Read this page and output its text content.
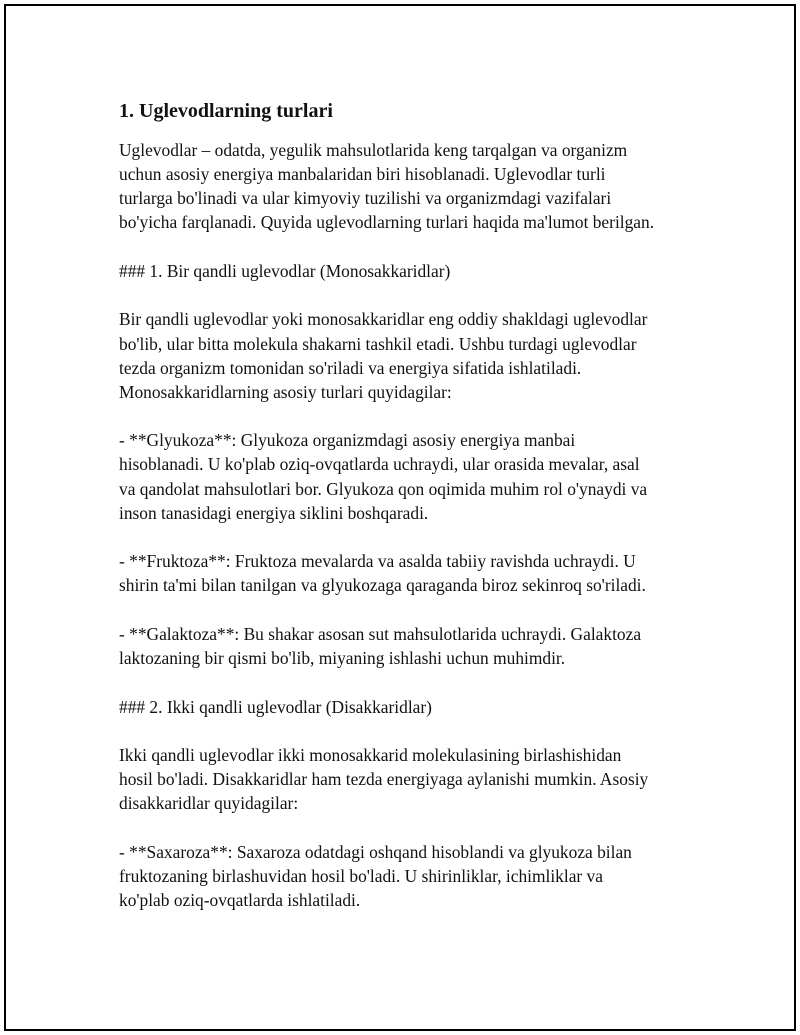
1. Uglevodlarning turlari

Uglevodlar – odatda, yegulik mahsulotlarida keng tarqalgan va organizm
uchun asosiy energiya manbalaridan biri hisoblanadi. Uglevodlar turli
turlarga bo'linadi va ular kimyoviy tuzilishi va organizmdagi vazifalari
bo'yicha farqlanadi. Quyida uglevodlarning turlari haqida ma'lumot berilgan.

### 1. Bir qandli uglevodlar (Monosakkaridlar)

Bir qandli uglevodlar yoki monosakkaridlar eng oddiy shakldagi uglevodlar
bo'lib, ular bitta molekula shakarni tashkil etadi. Ushbu turdagi uglevodlar
tezda organizm tomonidan so'riladi va energiya sifatida ishlatiladi.
Monosakkaridlarning asosiy turlari quyidagilar:

- **Glyukoza**: Glyukoza organizmdagi asosiy energiya manbai
hisoblanadi. U ko'plab oziq-ovqatlarda uchraydi, ular orasida mevalar, asal
va qandolat mahsulotlari bor. Glyukoza qon oqimida muhim rol o'ynaydi va
inson tanasidagi energiya siklini boshqaradi.

- **Fruktoza**: Fruktoza mevalarda va asalda tabiiy ravishda uchraydi. U
shirin ta'mi bilan tanilgan va glyukozaga qaraganda biroz sekinroq so'riladi.

- **Galaktoza**: Bu shakar asosan sut mahsulotlarida uchraydi. Galaktoza
laktozaning bir qismi bo'lib, miyaning ishlashi uchun muhimdir.

### 2. Ikki qandli uglevodlar (Disakkaridlar)

Ikki qandli uglevodlar ikki monosakkarid molekulasining birlashishidan
hosil bo'ladi. Disakkaridlar ham tezda energiyaga aylanishi mumkin. Asosiy
disakkaridlar quyidagilar:

- **Saxaroza**: Saxaroza odatdagi oshqand hisoblandi va glyukoza bilan
fruktozaning birlashuvidan hosil bo'ladi. U shirinliklar, ichimliklar va
ko'plab oziq-ovqatlarda ishlatiladi.
